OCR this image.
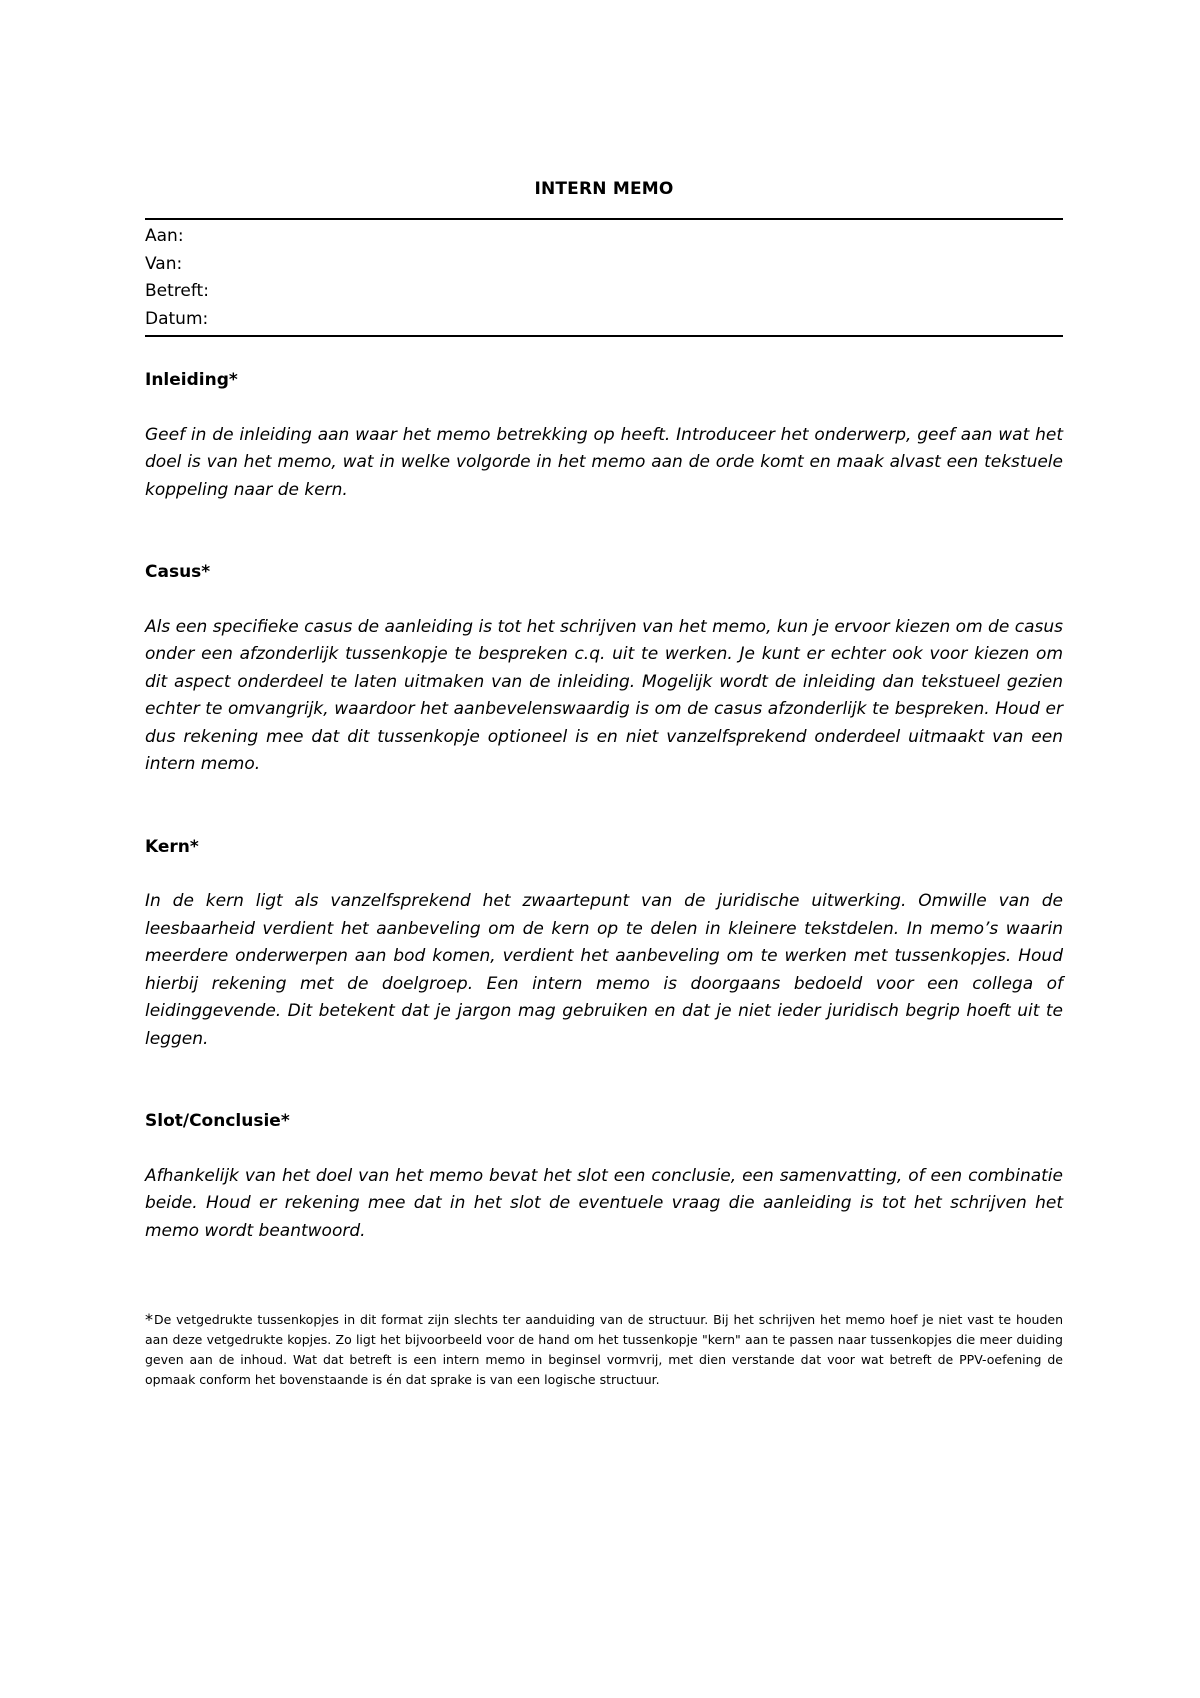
INTERN MEMO
Aan:
Van:
Betreft:
Datum:

Inleiding*

Geef in de inleiding aan waar het memo betrekking op heeft. Introduceer het onderwerp, geef aan wat het doel is van het memo, wat in welke volgorde in het memo aan de orde komt en maak alvast een tekstuele koppeling naar de kern.

Casus*

Als een specifieke casus de aanleiding is tot het schrijven van het memo, kun je ervoor kiezen om de casus onder een afzonderlijk tussenkopje te bespreken c.q. uit te werken. Je kunt er echter ook voor kiezen om dit aspect onderdeel te laten uitmaken van de inleiding. Mogelijk wordt de inleiding dan tekstueel gezien echter te omvangrijk, waardoor het aanbevelenswaardig is om de casus afzonderlijk te bespreken. Houd er dus rekening mee dat dit tussenkopje optioneel is en niet vanzelfsprekend onderdeel uitmaakt van een intern memo.

Kern*

In de kern ligt als vanzelfsprekend het zwaartepunt van de juridische uitwerking. Omwille van de leesbaarheid verdient het aanbeveling om de kern op te delen in kleinere tekstdelen. In memo’s waarin meerdere onderwerpen aan bod komen, verdient het aanbeveling om te werken met tussenkopjes. Houd hierbij rekening met de doelgroep. Een intern memo is doorgaans bedoeld voor een collega of leidinggevende. Dit betekent dat je jargon mag gebruiken en dat je niet ieder juridisch begrip hoeft uit te leggen.

Slot/Conclusie*

Afhankelijk van het doel van het memo bevat het slot een conclusie, een samenvatting, of een combinatie beide. Houd er rekening mee dat in het slot de eventuele vraag die aanleiding is tot het schrijven het memo wordt beantwoord.

*De vetgedrukte tussenkopjes in dit format zijn slechts ter aanduiding van de structuur. Bij het schrijven het memo hoef je niet vast te houden aan deze vetgedrukte kopjes. Zo ligt het bijvoorbeeld voor de hand om het tussenkopje "kern" aan te passen naar tussenkopjes die meer duiding geven aan de inhoud. Wat dat betreft is een intern memo in beginsel vormvrij, met dien verstande dat voor wat betreft de PPV-oefening de opmaak conform het bovenstaande is én dat sprake is van een logische structuur.
